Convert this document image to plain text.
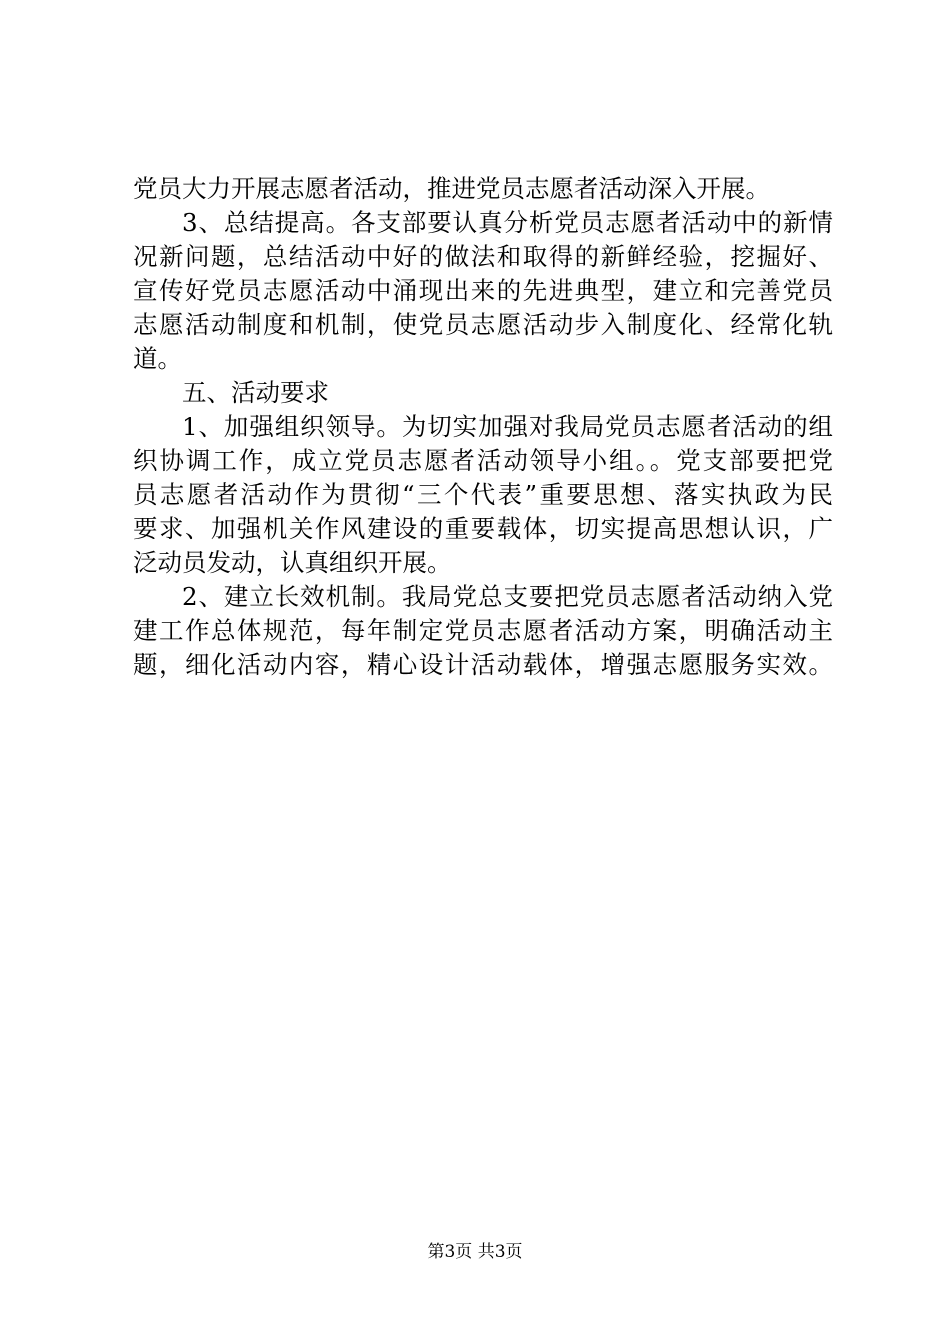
党员大力开展志愿者活动，推进党员志愿者活动深入开展。
3、总结提高。各支部要认真分析党员志愿者活动中的新情
况新问题，总结活动中好的做法和取得的新鲜经验，挖掘好、
宣传好党员志愿活动中涌现出来的先进典型，建立和完善党员
志愿活动制度和机制，使党员志愿活动步入制度化、经常化轨
道。
五、活动要求
1、加强组织领导。为切实加强对我局党员志愿者活动的组
织协调工作，成立党员志愿者活动领导小组。。党支部要把党
员志愿者活动作为贯彻“三个代表”重要思想、落实执政为民
要求、加强机关作风建设的重要载体，切实提高思想认识，广
泛动员发动，认真组织开展。
2、建立长效机制。我局党总支要把党员志愿者活动纳入党
建工作总体规范，每年制定党员志愿者活动方案，明确活动主
题，细化活动内容，精心设计活动载体，增强志愿服务实效。
第3页 共3页
